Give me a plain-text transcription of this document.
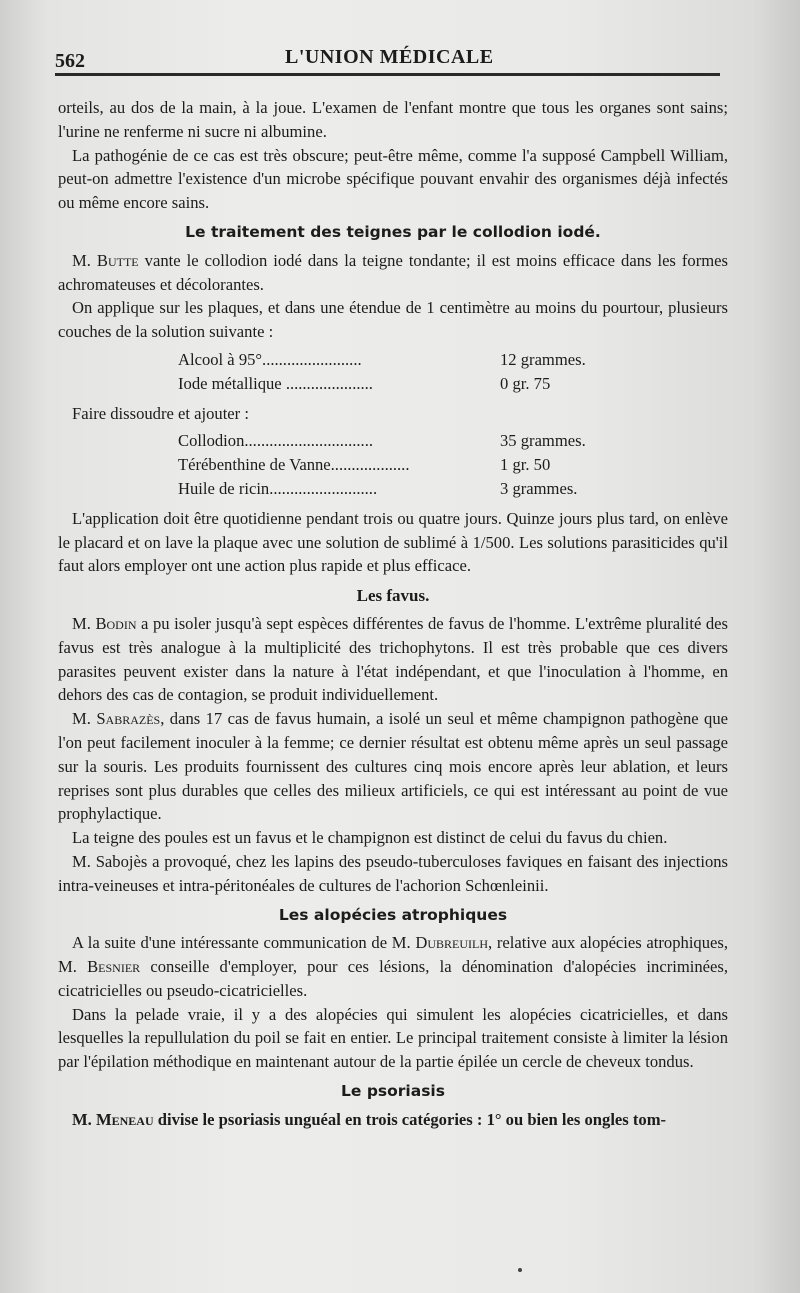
562	L'UNION MÉDICALE

orteils, au dos de la main, à la joue. L'examen de l'enfant montre que tous les organes sont sains; l'urine ne renferme ni sucre ni albumine.

La pathogénie de ce cas est très obscure; peut-être même, comme l'a supposé Campbell William, peut-on admettre l'existence d'un microbe spécifique pouvant envahir des organismes déjà infectés ou même encore sains.

Le traitement des teignes par le collodion iodé.

M. Butte vante le collodion iodé dans la teigne tondante; il est moins efficace dans les formes achromateuses et décolorantes.

On applique sur les plaques, et dans une étendue de 1 centimètre au moins du pourtour, plusieurs couches de la solution suivante :

Alcool à 95°........................	12 grammes.
Iode métallique .....................	0 gr. 75

Faire dissoudre et ajouter :

Collodion...............................	35 grammes.
Térébenthine de Vanne...................	1 gr. 50
Huile de ricin..........................	3 grammes.

L'application doit être quotidienne pendant trois ou quatre jours. Quinze jours plus tard, on enlève le placard et on lave la plaque avec une solution de sublimé à 1/500. Les solutions parasiticides qu'il faut alors employer ont une action plus rapide et plus efficace.

Les favus.

M. Bodin a pu isoler jusqu'à sept espèces différentes de favus de l'homme. L'extrême pluralité des favus est très analogue à la multiplicité des trichophytons. Il est très probable que ces divers parasites peuvent exister dans la nature à l'état indépendant, et que l'inoculation à l'homme, en dehors des cas de contagion, se produit individuellement.

M. Sabrazès, dans 17 cas de favus humain, a isolé un seul et même champignon pathogène que l'on peut facilement inoculer à la femme; ce dernier résultat est obtenu même après un seul passage sur la souris. Les produits fournissent des cultures cinq mois encore après leur ablation, et leurs reprises sont plus durables que celles des milieux artificiels, ce qui est intéressant au point de vue prophylactique.

La teigne des poules est un favus et le champignon est distinct de celui du favus du chien.

M. Sabojès a provoqué, chez les lapins des pseudo-tuberculoses faviques en faisant des injections intra-veineuses et intra-péritonéales de cultures de l'achorion Schœnleinii.

Les alopécies atrophiques

A la suite d'une intéressante communication de M. Dubreuilh, relative aux alopécies atrophiques, M. Besnier conseille d'employer, pour ces lésions, la dénomination d'alopécies incriminées, cicatricielles ou pseudo-cicatricielles.

Dans la pelade vraie, il y a des alopécies qui simulent les alopécies cicatricielles, et dans lesquelles la repullulation du poil se fait en entier. Le principal traitement consiste à limiter la lésion par l'épilation méthodique en maintenant autour de la partie épilée un cercle de cheveux tondus.

Le psoriasis

M. Meneau divise le psoriasis unguéal en trois catégories : 1° ou bien les ongles tom-
